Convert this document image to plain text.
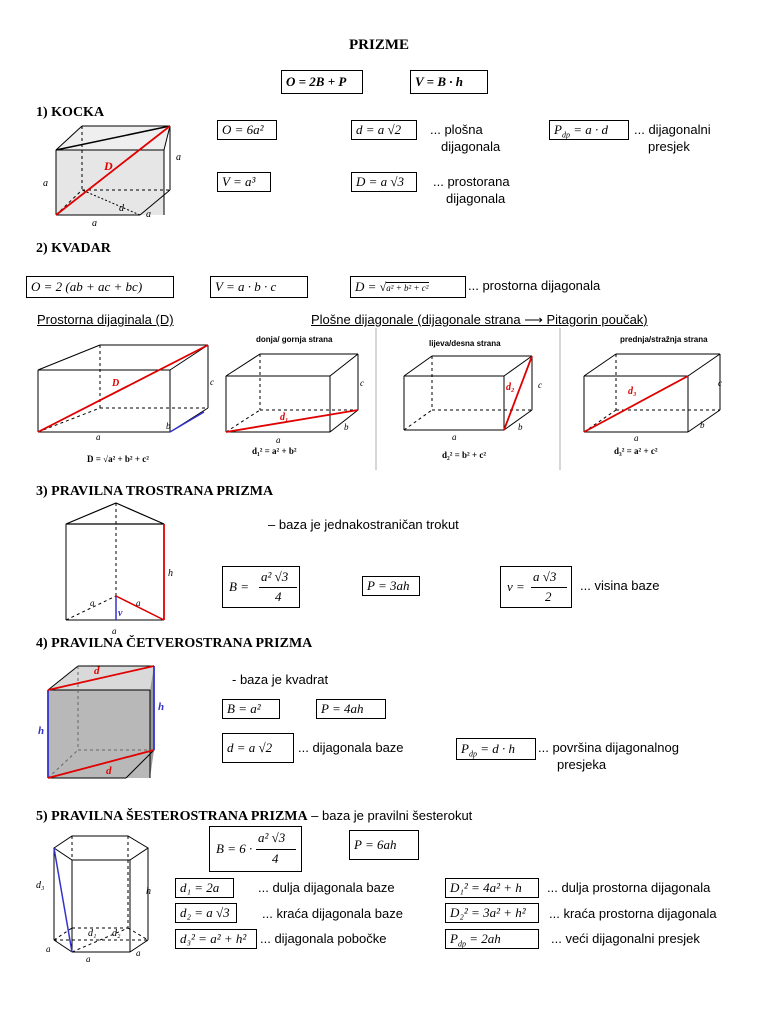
PRIZME
O = 2B + P	V = B · h
1) KOCKA
D
a
a
a
a
d
O = 6a²	d = a √2	... plošna
dijagonala
$P_{dp} = a \cdot d$	... dijagonalni
presjek
V = a³	D = a √3	... prostorana
dijagonala
2) KVADAR
O = 2 (ab + ac + bc)	V = a · b · c	D = √a² + b² + c²	... prostorna dijagonala
Prostorna dijaginala (D)	Plošne dijagonale (dijagonale strana ⟶ Pitagorin poučak)
D
a
b
c
D = √a² + b² + c²
donja/ gornja strana
d₁
a
b
c
d₁² = a² + b²
lijeva/desna strana
d₂
a
b
c
d₂² = b² + c²
prednja/stražnja strana
d₃
a
b
c
d₃² = a² + c²
3) PRAVILNA TROSTRANA PRIZMA
h
v
a
a	a
– baza je jednakostraničan trokut
B =
a² √3
4
P = 3ah	v =
a √3
2
... visina baze
4) PRAVILNA ČETVEROSTRANA PRIZMA
d
d
h
h
- baza je kvadrat
B = a²	P = 4ah
d = a √2	... dijagonala baze	$P_{dp} = d \cdot h$	... površina dijagonalnog
presjeka
5) PRAVILNA ŠESTEROSTRANA PRIZMA – baza je pravilni šesterokut
d₃
h
d₁ d₂
a
a	a
B = 6 ·
a² √3
4
P = 6ah
d₁ = 2a	... dulja dijagonala baze	D₁² = 4a² + h	... dulja prostorna dijagonala
d₂ = a √3	... kraća dijagonala baze	D₂² = 3a² + h²	... kraća prostorna dijagonala
d₃² = a² + h²	... dijagonala pobočke	$P_{dp} = 2ah$	... veći dijagonalni presjek
